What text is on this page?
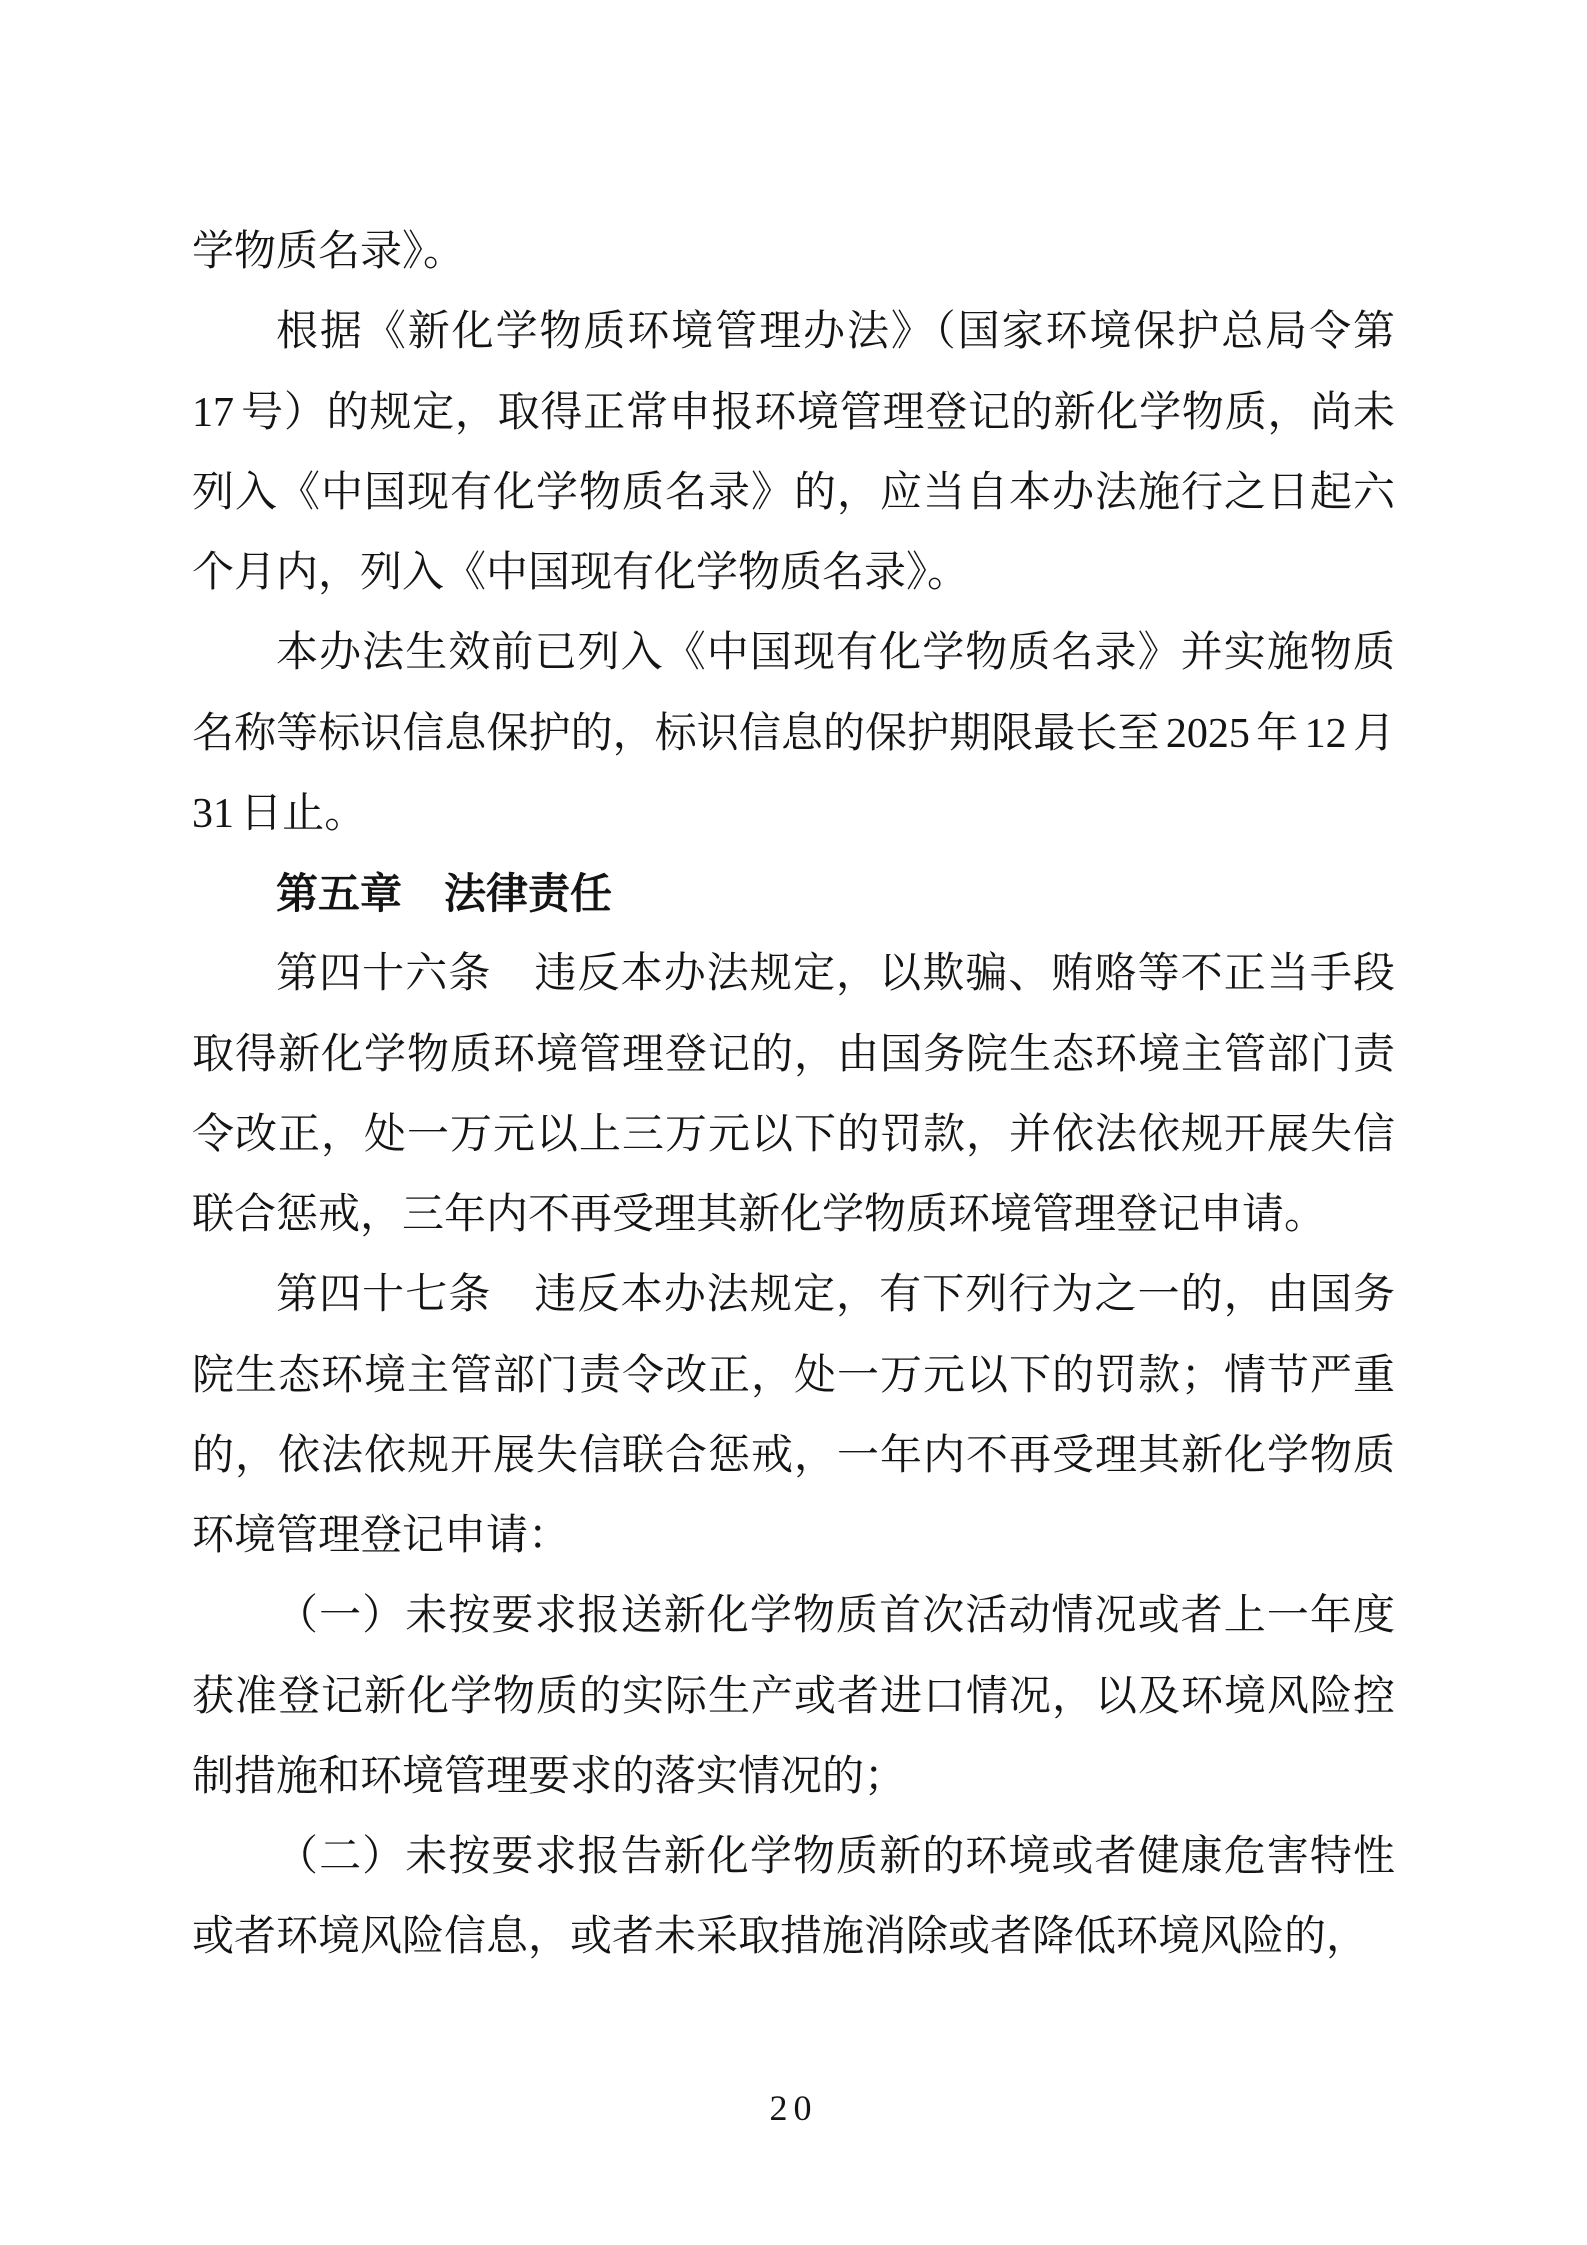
学物质名录》。

根据《新化学物质环境管理办法》（国家环境保护总局令第 17 号）的规定，取得正常申报环境管理登记的新化学物质，尚未列入《中国现有化学物质名录》的，应当自本办法施行之日起六个月内，列入《中国现有化学物质名录》。

本办法生效前已列入《中国现有化学物质名录》并实施物质名称等标识信息保护的，标识信息的保护期限最长至 2025 年 12 月 31 日止。

第五章　法律责任

第四十六条　违反本办法规定，以欺骗、贿赂等不正当手段取得新化学物质环境管理登记的，由国务院生态环境主管部门责令改正，处一万元以上三万元以下的罚款，并依法依规开展失信联合惩戒，三年内不再受理其新化学物质环境管理登记申请。

第四十七条　违反本办法规定，有下列行为之一的，由国务院生态环境主管部门责令改正，处一万元以下的罚款；情节严重的，依法依规开展失信联合惩戒，一年内不再受理其新化学物质环境管理登记申请：

（一）未按要求报送新化学物质首次活动情况或者上一年度获准登记新化学物质的实际生产或者进口情况，以及环境风险控制措施和环境管理要求的落实情况的；

（二）未按要求报告新化学物质新的环境或者健康危害特性或者环境风险信息，或者未采取措施消除或者降低环境风险的，

20
